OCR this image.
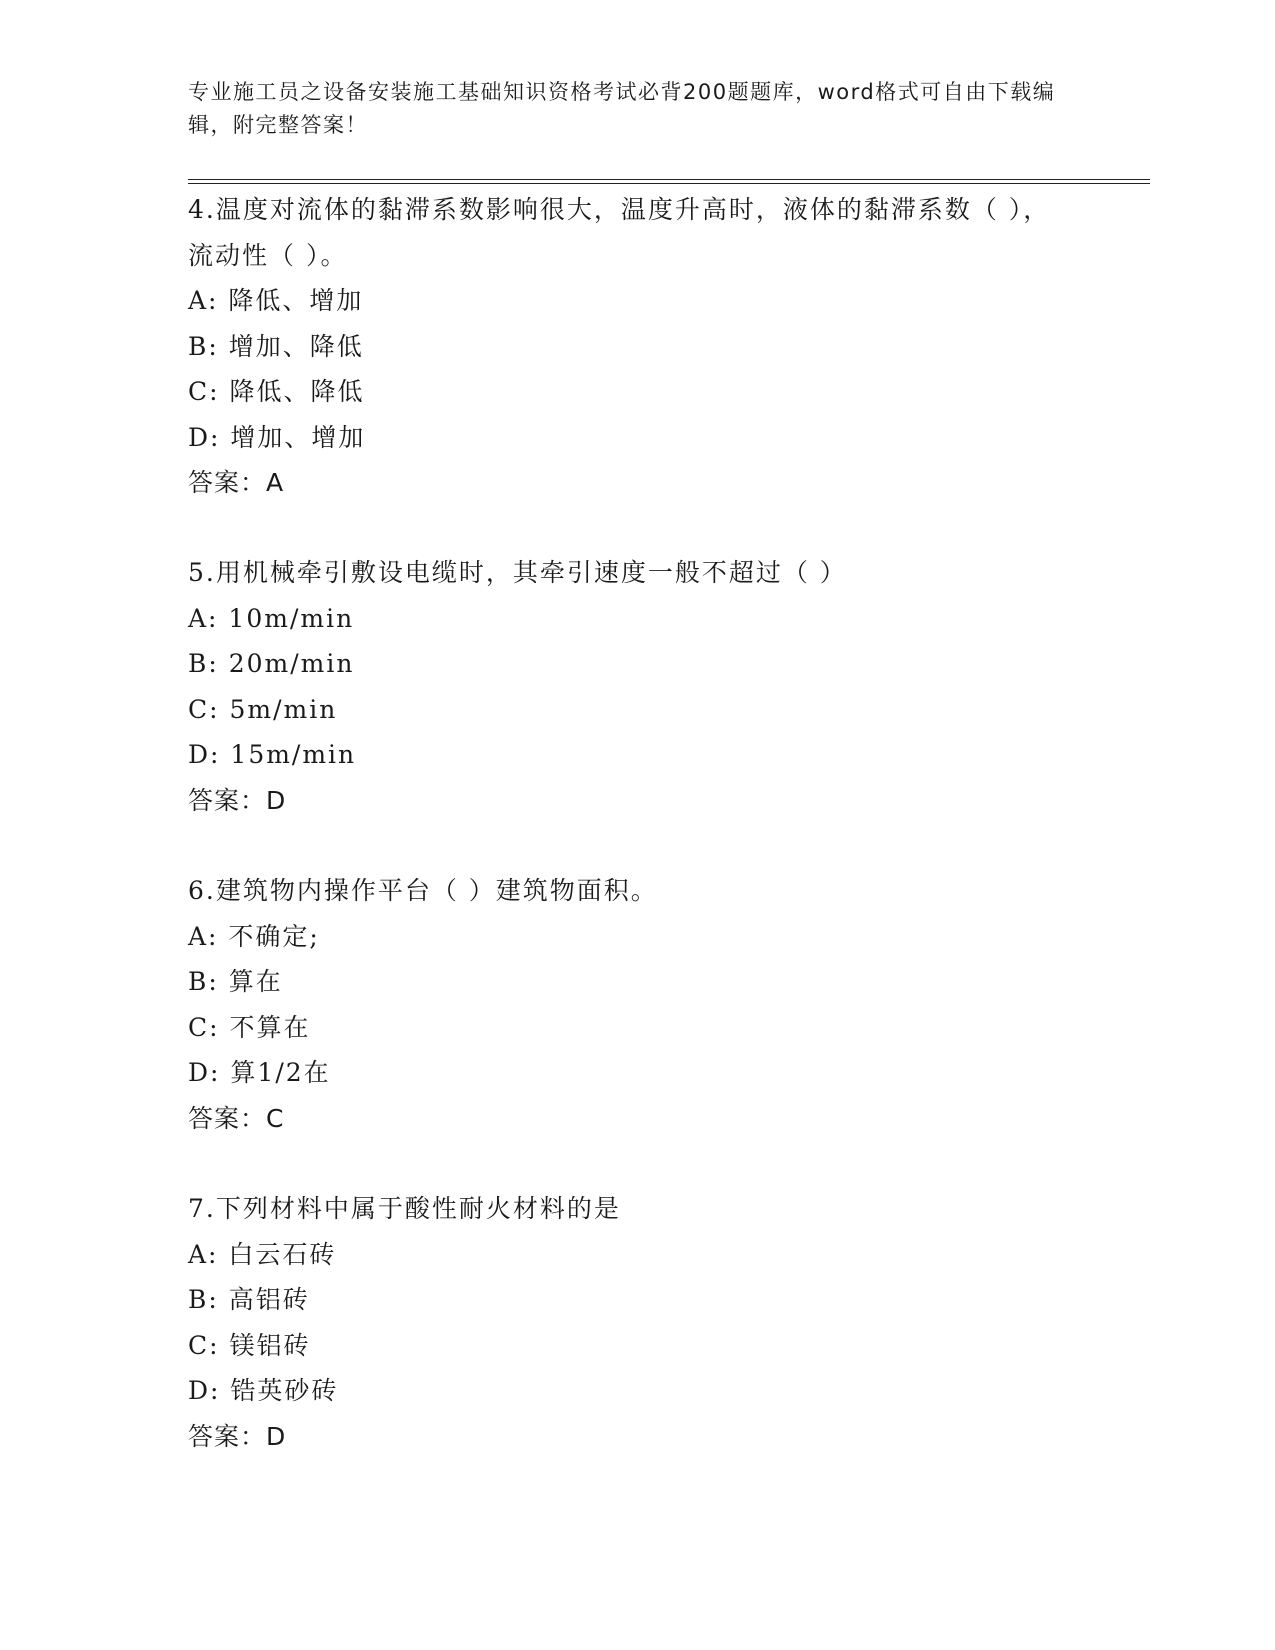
专业施工员之设备安装施工基础知识资格考试必背200题题库，word格式可自由下载编辑，附完整答案！
4.温度对流体的黏滞系数影响很大，温度升高时，液体的黏滞系数（ ），流动性（ ）。
A: 降低、增加
B: 增加、降低
C: 降低、降低
D: 增加、增加
答案：A
5.用机械牵引敷设电缆时，其牵引速度一般不超过（ ）
A: 10m/min
B: 20m/min
C: 5m/min
D: 15m/min
答案：D
6.建筑物内操作平台（ ）建筑物面积。
A: 不确定;
B: 算在
C: 不算在
D: 算1/2在
答案：C
7.下列材料中属于酸性耐火材料的是
A: 白云石砖
B: 高铝砖
C: 镁铝砖
D: 锆英砂砖
答案：D
